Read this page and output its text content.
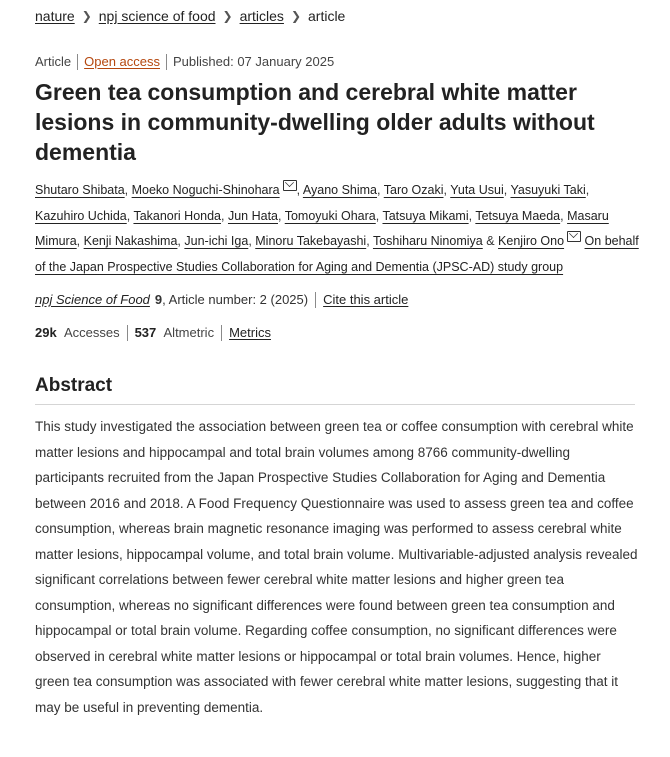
nature ❯ npj science of food ❯ articles ❯ article
Article Open access Published: 07 January 2025
Green tea consumption and cerebral white matter lesions in community-dwelling older adults without dementia
Shutaro Shibata, Moeko Noguchi-Shinohara , Ayano Shima, Taro Ozaki, Yuta Usui, Yasuyuki Taki, Kazuhiro Uchida, Takanori Honda, Jun Hata, Tomoyuki Ohara, Tatsuya Mikami, Tetsuya Maeda, Masaru Mimura, Kenji Nakashima, Jun-ichi Iga, Minoru Takebayashi, Toshiharu Ninomiya & Kenjiro Ono On behalf of the Japan Prospective Studies Collaboration for Aging and Dementia (JPSC-AD) study group
npj Science of Food 9, Article number: 2 (2025) Cite this article
29k Accesses 537 Altmetric Metrics
Abstract

This study investigated the association between green tea or coffee consumption with cerebral white matter lesions and hippocampal and total brain volumes among 8766 community-dwelling participants recruited from the Japan Prospective Studies Collaboration for Aging and Dementia between 2016 and 2018. A Food Frequency Questionnaire was used to assess green tea and coffee consumption, whereas brain magnetic resonance imaging was performed to assess cerebral white matter lesions, hippocampal volume, and total brain volume. Multivariable-adjusted analysis revealed significant correlations between fewer cerebral white matter lesions and higher green tea consumption, whereas no significant differences were found between green tea consumption and hippocampal or total brain volume. Regarding coffee consumption, no significant differences were observed in cerebral white matter lesions or hippocampal or total brain volumes. Hence, higher green tea consumption was associated with fewer cerebral white matter lesions, suggesting that it may be useful in preventing dementia.
